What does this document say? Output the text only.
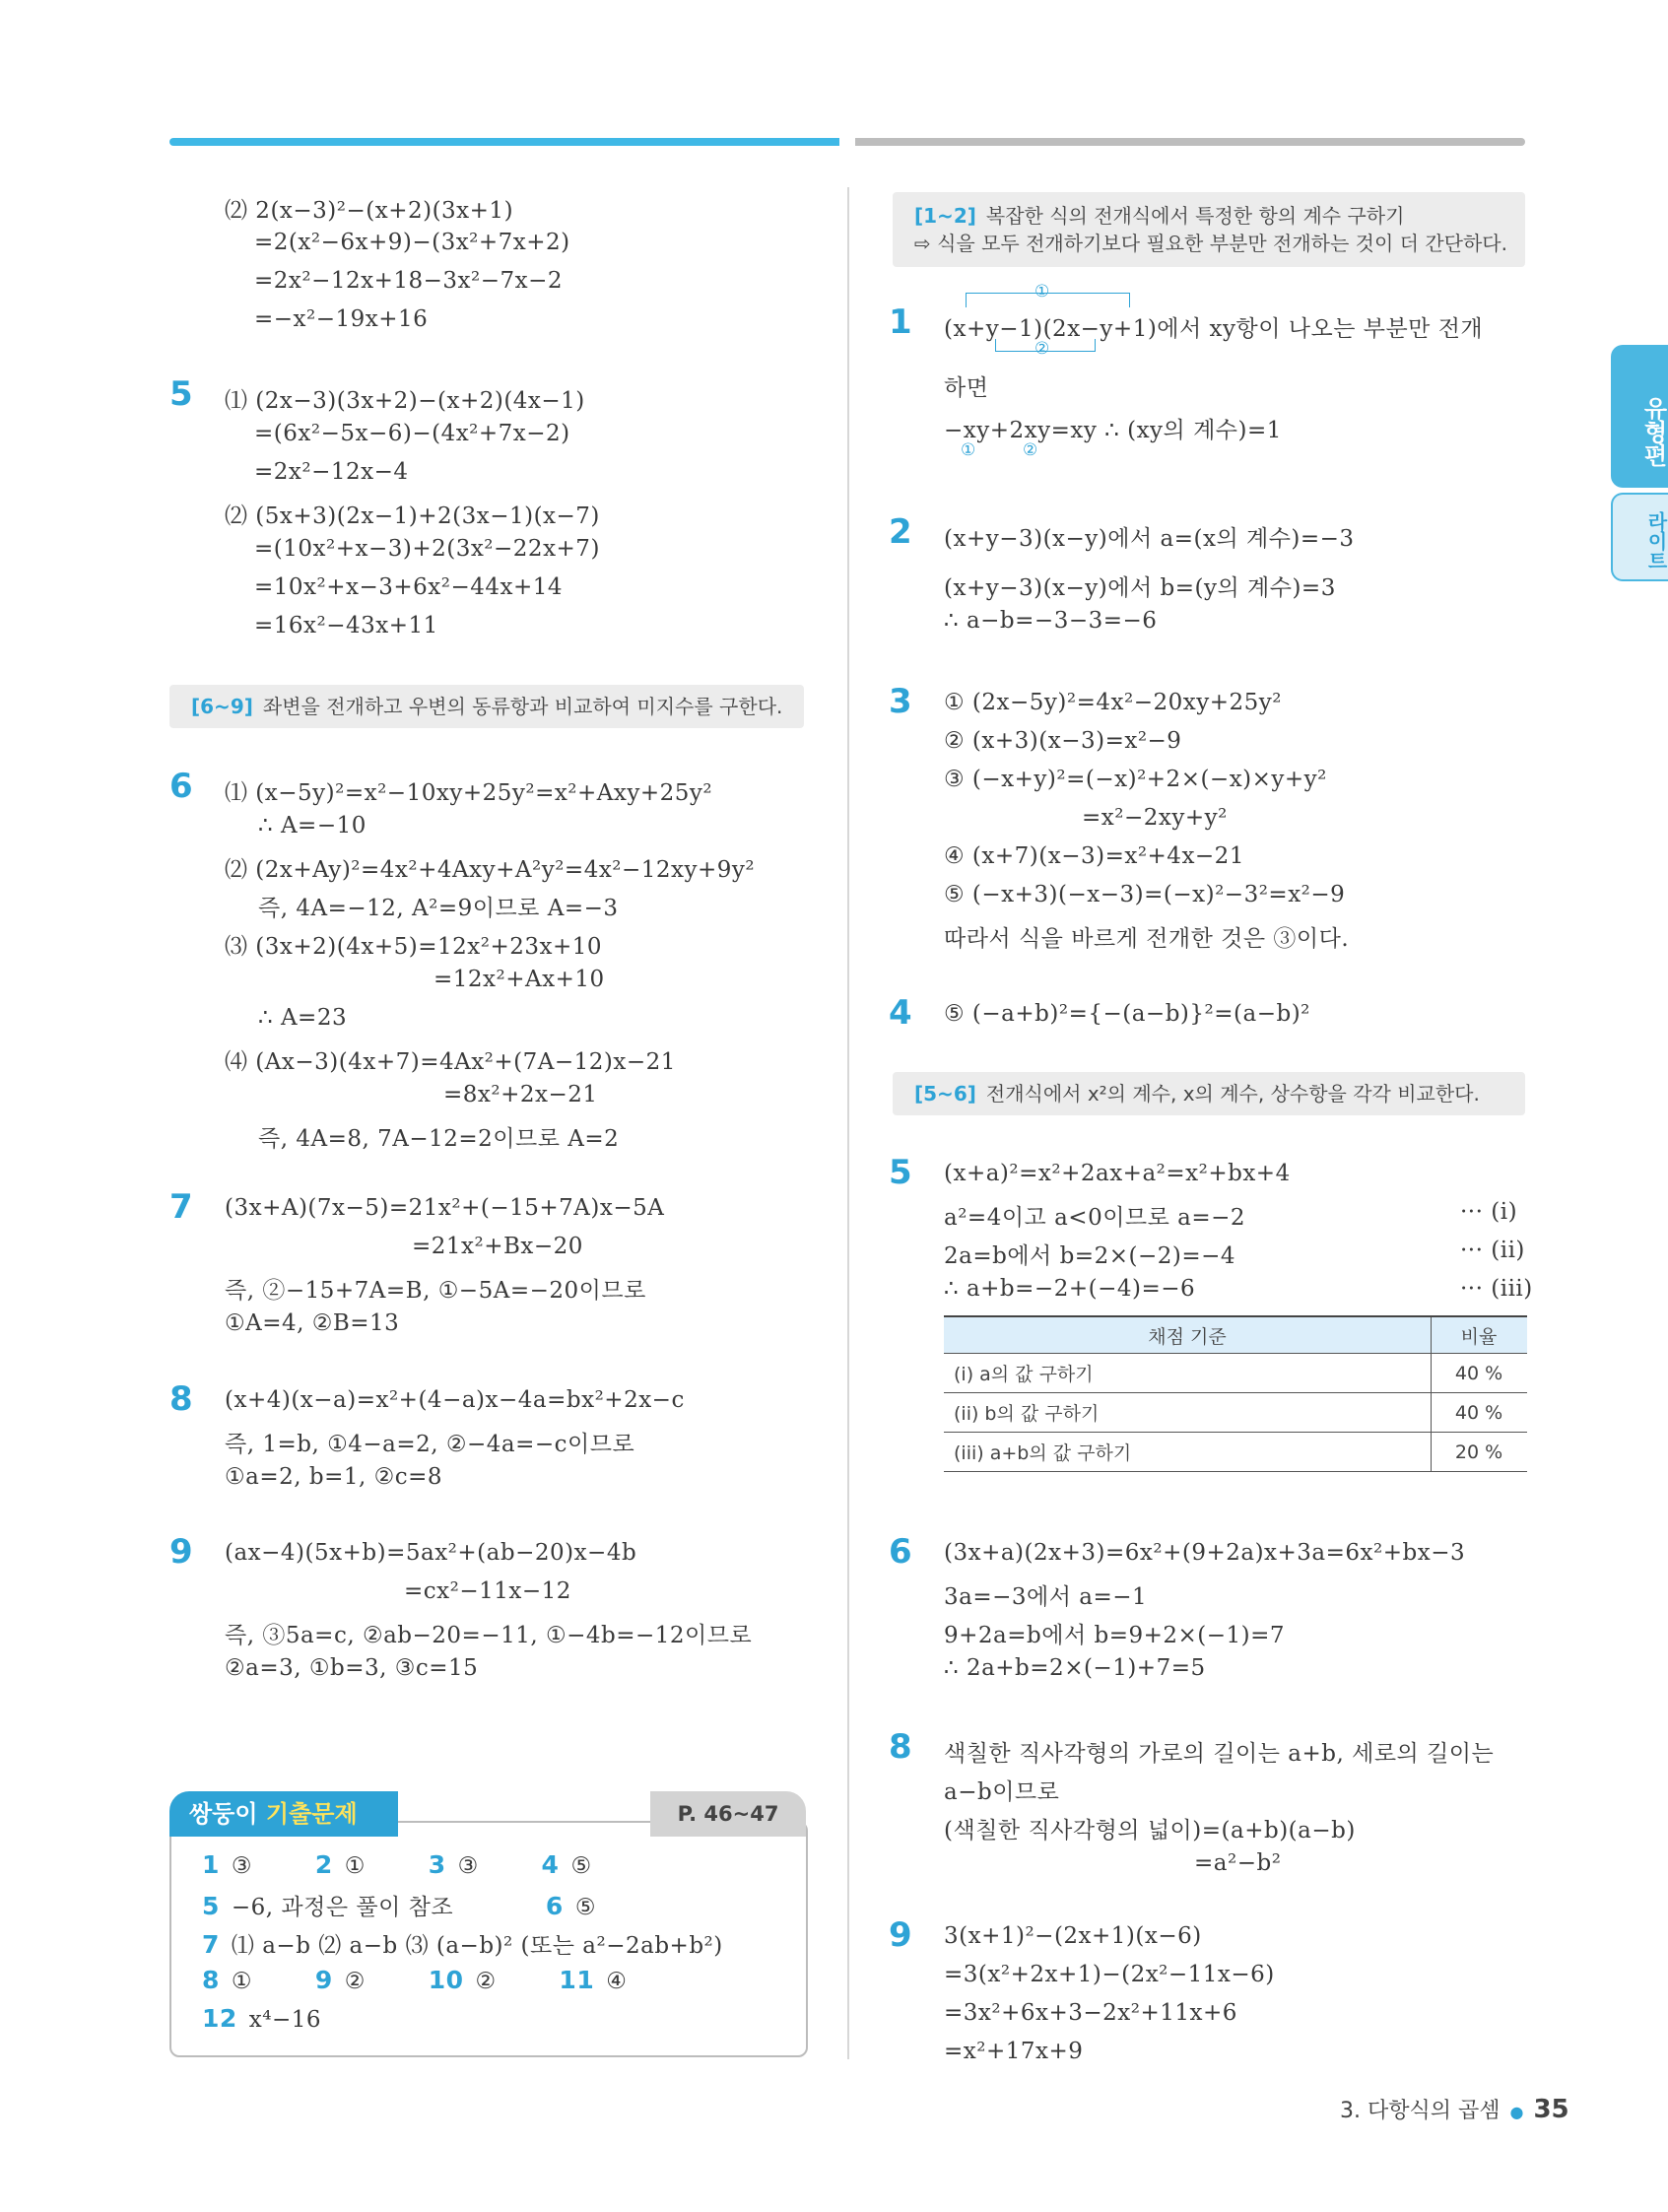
유형편
라이트
⑵ 2(x−3)²−(x+2)(3x+1)
=2(x²−6x+9)−(3x²+7x+2)
=2x²−12x+18−3x²−7x−2
=−x²−19x+16
5 ⑴ (2x−3)(3x+2)−(x+2)(4x−1)
=(6x²−5x−6)−(4x²+7x−2)
=2x²−12x−4
⑵ (5x+3)(2x−1)+2(3x−1)(x−7)
=(10x²+x−3)+2(3x²−22x+7)
=10x²+x−3+6x²−44x+14
=16x²−43x+11
[6~9] 좌변을 전개하고 우변의 동류항과 비교하여 미지수를 구한다.
6 ⑴ (x−5y)²=x²−10xy+25y²=x²+Axy+25y²
∴ A=−10
⑵ (2x+Ay)²=4x²+4Axy+A²y²=4x²−12xy+9y²
즉, 4A=−12, A²=9이므로 A=−3
⑶ (3x+2)(4x+5)=12x²+23x+10
=12x²+Ax+10
∴ A=23
⑷ (Ax−3)(4x+7)=4Ax²+(7A−12)x−21
=8x²+2x−21
즉, 4A=8, 7A−12=2이므로 A=2
7 (3x+A)(7x−5)=21x²+(−15+7A)x−5A
=21x²+Bx−20
즉, ②−15+7A=B, ①−5A=−20이므로
①A=4, ②B=13
8 (x+4)(x−a)=x²+(4−a)x−4a=bx²+2x−c
즉, 1=b, ①4−a=2, ②−4a=−c이므로
①a=2, b=1, ②c=8
9 (ax−4)(5x+b)=5ax²+(ab−20)x−4b
=cx²−11x−12
즉, ③5a=c, ②ab−20=−11, ①−4b=−12이므로
②a=3, ①b=3, ③c=15
쌍둥이 기출문제	P. 46~47
1 ③	2 ①	3 ③	4 ⑤
5 −6, 과정은 풀이 참조	6 ⑤
7 ⑴ a−b ⑵ a−b ⑶ (a−b)² (또는 a²−2ab+b²)
8 ①	9 ②	10 ②	11 ④
12 x⁴−16
[1~2] 복잡한 식의 전개식에서 특정한 항의 계수 구하기
⇨ 식을 모두 전개하기보다 필요한 부분만 전개하는 것이 더 간단하다.
1
①
②
(x+y−1)(2x−y+1)에서 xy항이 나오는 부분만 전개
하면
−xy+2xy=xy ∴ (xy의 계수)=1
①	②
2 (x+y−3)(x−y)에서 a=(x의 계수)=−3
(x+y−3)(x−y)에서 b=(y의 계수)=3
∴ a−b=−3−3=−6
3 ① (2x−5y)²=4x²−20xy+25y²
② (x+3)(x−3)=x²−9
③ (−x+y)²=(−x)²+2×(−x)×y+y²
=x²−2xy+y²
④ (x+7)(x−3)=x²+4x−21
⑤ (−x+3)(−x−3)=(−x)²−3²=x²−9
따라서 식을 바르게 전개한 것은 ③이다.
4 ⑤ (−a+b)²={−(a−b)}²=(a−b)²
[5~6] 전개식에서 x²의 계수, x의 계수, 상수항을 각각 비교한다.
5 (x+a)²=x²+2ax+a²=x²+bx+4
a²=4이고 a<0이므로 a=−2
2a=b에서 b=2×(−2)=−4
∴ a+b=−2+(−4)=−6
··· (i)
··· (ii)
··· (iii)
채점 기준	비율
(i) a의 값 구하기	40 %
(ii) b의 값 구하기	40 %
(iii) a+b의 값 구하기	20 %
6 (3x+a)(2x+3)=6x²+(9+2a)x+3a=6x²+bx−3
3a=−3에서 a=−1
9+2a=b에서 b=9+2×(−1)=7
∴ 2a+b=2×(−1)+7=5
8 색칠한 직사각형의 가로의 길이는 a+b, 세로의 길이는
a−b이므로
(색칠한 직사각형의 넓이)=(a+b)(a−b)
=a²−b²
9 3(x+1)²−(2x+1)(x−6)
=3(x²+2x+1)−(2x²−11x−6)
=3x²+6x+3−2x²+11x+6
=x²+17x+9
3. 다항식의 곱셈 ● 35
